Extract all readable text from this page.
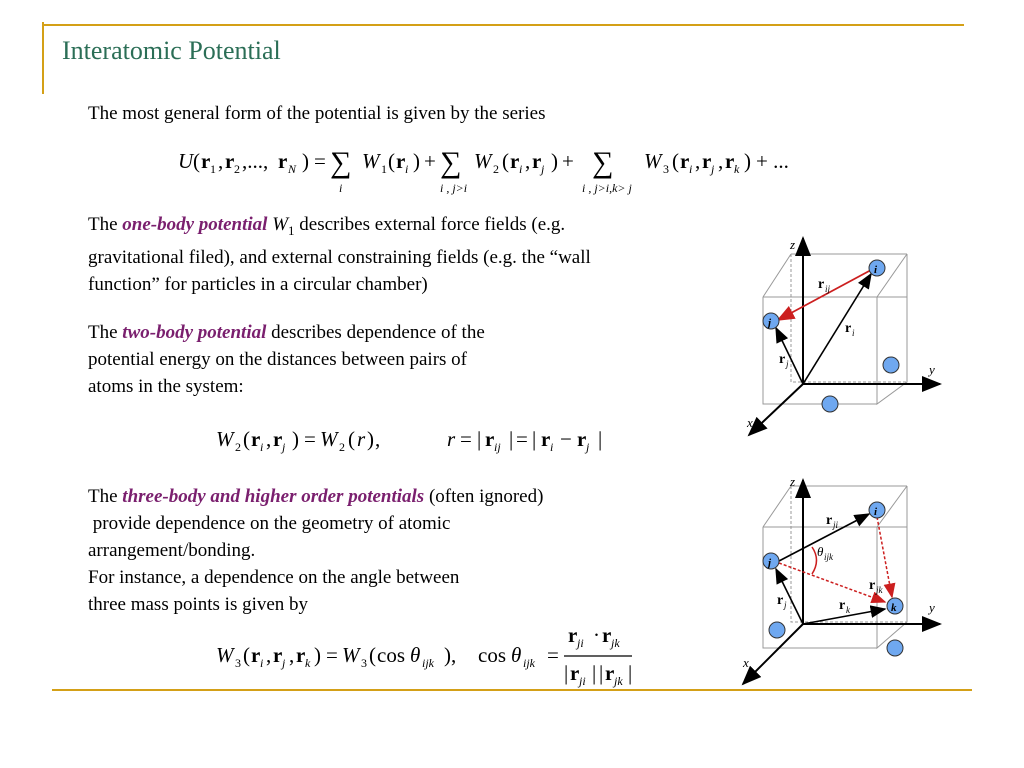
Interatomic Potential
The most general form of the potential is given by the series
U ( r 1 , r 2 ,..., r N ) = ∑
i
W 1 ( r i ) + ∑
i , j>i
W 2 ( r i , r j ) + ∑
i , j>i,k> j
W 3 ( r i , r j , r k ) + ...
The one-body potential $W_1$ describes external force fields (e.g.
gravitational filed), and external constraining fields (e.g. the “wall
function” for particles in a circular chamber)
The two-body potential describes dependence of the
potential energy on the distances between pairs of
atoms in the system:
W 2 ( r i , r j ) = W 2 ( r ) ,	r = | r ij | = | r i − r j |
The three-body and higher order potentials (often ignored)
provide dependence on the geometry of atomic
arrangement/bonding.
For instance, a dependence on the angle between
three mass points is given by
W 3 ( r i , r j , r k ) = W 3 ( cos θ ijk ), cos θ ijk =
r ji · r jk
| r ji | | r jk |
z
y
x
i
j
r ij
r i
r j
z
y
x
i
j
k
r ji
θ ijk
r jk
r j	r k
